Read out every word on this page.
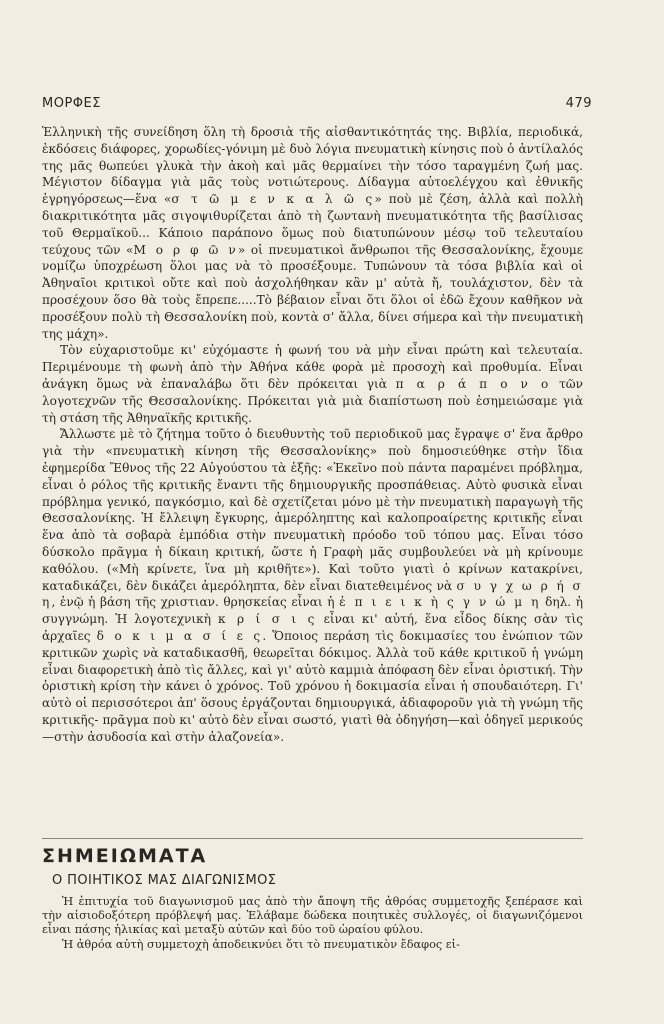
ΜΟΡΦΕΣ	479

Ἑλληνικὴ τῆς συνείδηση ὅλη τὴ δροσιὰ τῆς αἰσθαντικότητάς της. Βιβλία, περιοδικά, ἐκδόσεις διάφορες, χορωδίες-γόνιμη μὲ δυὸ λόγια πνευματικὴ κίνησις ποὺ ὁ ἀντίλαλός της μᾶς θωπεύει γλυκὰ τὴν ἀκοὴ καὶ μᾶς θερμαίνει τὴν τόσο ταραγμένη ζωή μας. Μέγιστον δίδαγμα γιὰ μᾶς τοὺς νοτιώτερους. Δίδαγμα αὐτοελέγχου καὶ ἐθνικῆς ἐγρηγόρσεως—ἕνα «σ τ ῶ μ ε ν κ α λ ῶ ς» ποὺ μὲ ζέση, ἀλλὰ καὶ πολλὴ διακριτικότητα μᾶς σιγοψιθυρίζεται ἀπὸ τὴ ζωντανὴ πνευματικότητα τῆς βασίλισας τοῦ Θερμαϊκοῦ... Κάποιο παράπονο ὅμως ποὺ διατυπώνουν μέσῳ τοῦ τελευταίου τεύχους τῶν «Μ ο ρ φ ῶ ν» οἱ πνευματικοὶ ἄνθρωποι τῆς Θεσσαλονίκης, ἔχουμε νομίζω ὑποχρέωση ὅλοι μας νὰ τὸ προσέξουμε. Τυπώνουν τὰ τόσα βιβλία καὶ οἱ Ἀθηναῖοι κριτικοὶ οὔτε καὶ ποὺ ἀσχολήθηκαν κἂν μ' αὐτὰ ἤ, τουλάχιστον, δὲν τὰ προσέχουν ὅσο θὰ τοὺς ἔπρεπε.....Τὸ βέβαιον εἶναι ὅτι ὅλοι οἱ ἐδῶ ἔχουν καθῆκον νὰ προσέξουν πολὺ τὴ Θεσσαλονίκη ποὺ, κοντὰ σ' ἄλλα, δίνει σήμερα καὶ τὴν πνευματικὴ της μάχη».

Τὸν εὐχαριστοῦμε κι' εὐχόμαστε ἡ φωνή του νὰ μὴν εἶναι πρώτη καὶ τελευταία. Περιμένουμε τὴ φωνὴ ἀπὸ τὴν Ἀθήνα κάθε φορὰ μὲ προσοχὴ καὶ προθυμία. Εἶναι ἀνάγκη ὅμως νὰ ἐπαναλάβω ὅτι δὲν πρόκειται γιὰ π α ρ ά π ο ν ο τῶν λογοτεχνῶν τῆς Θεσσαλονίκης. Πρόκειται γιὰ μιὰ διαπίστωση ποὺ ἐσημειώσαμε γιὰ τὴ στάση τῆς Ἀθηναϊκῆς κριτικῆς.

Ἄλλωστε μὲ τὸ ζήτημα τοῦτο ὁ διευθυντὴς τοῦ περιοδικοῦ μας ἔγραψε σ' ἕνα ἄρθρο γιὰ τὴν «πνευματικὴ κίνηση τῆς Θεσσαλονίκης» ποὺ δημοσιεύθηκε στὴν ἴδια ἐφημερίδα Ἔθνος τῆς 22 Αὐγούστου τὰ ἑξῆς: «Ἐκεῖνο ποὺ πάντα παραμένει πρόβλημα, εἶναι ὁ ρόλος τῆς κριτικῆς ἔναντι τῆς δημιουργικῆς προσπάθειας. Αὐτὸ φυσικὰ εἶναι πρόβλημα γενικό, παγκόσμιο, καὶ δὲ σχετίζεται μόνο μὲ τὴν πνευματικὴ παραγωγὴ τῆς Θεσσαλονίκης. Ἡ ἔλλειψη ἔγκυρης, ἀμερόληπτης καὶ καλοπροαίρετης κριτικῆς εἶναι ἕνα ἀπὸ τὰ σοβαρὰ ἐμπόδια στὴν πνευματικὴ πρόοδο τοῦ τόπου μας. Εἶναι τόσο δύσκολο πρᾶγμα ἡ δίκαιη κριτική, ὥστε ἡ Γραφὴ μᾶς συμβουλεύει νὰ μὴ κρίνουμε καθόλου. («Μὴ κρίνετε, ἵνα μὴ κριθῆτε»). Καὶ τοῦτο γιατὶ ὁ κρίνων κατακρίνει, καταδικάζει, δὲν δικάζει ἀμερόληπτα, δὲν εἶναι διατεθειμένος νὰ σ υ γ χ ω ρ ή σ η, ἐνῷ ἡ βάση τῆς χριστιαν. θρησκείας εἶναι ἡ ἐ π ι ε ι κ ὴ ς γ ν ώ μ η δηλ. ἡ συγγνώμη. Ἡ λογοτεχνικὴ κ ρ ί σ ι ς εἶναι κι' αὐτή, ἕνα εἶδος δίκης σὰν τὶς ἀρχαῖες δ ο κ ι μ α σ ί ε ς. Ὅποιος περάση τὶς δοκιμασίες του ἐνώπιον τῶν κριτικῶν χωρὶς νὰ καταδικασθῆ, θεωρεῖται δόκιμος. Ἀλλὰ τοῦ κάθε κριτικοῦ ἡ γνώμη εἶναι διαφορετικὴ ἀπὸ τὶς ἄλλες, καὶ γι' αὐτὸ καμμιὰ ἀπόφαση δὲν εἶναι ὁριστική. Τὴν ὁριστικὴ κρίση τὴν κάνει ὁ χρόνος. Τοῦ χρόνου ἡ δοκιμασία εἶναι ἡ σπουδαιότερη. Γι' αὐτὸ οἱ περισσότεροι ἀπ' ὅσους ἐργάζονται δημιουργικά, ἀδιαφοροῦν γιὰ τὴ γνώμη τῆς κριτικῆς- πρᾶγμα ποὺ κι' αὐτὸ δὲν εἶναι σωστό, γιατὶ θὰ ὁδηγήση—καὶ ὁδηγεῖ μερικούς—στὴν ἀσυδοσία καὶ στὴν ἀλαζονεία».

ΣΗΜΕΙΩΜΑΤΑ
Ο ΠΟΙΗΤΙΚΟΣ ΜΑΣ ΔΙΑΓΩΝΙΣΜΟΣ

Ἡ ἐπιτυχία τοῦ διαγωνισμοῦ μας ἀπὸ τὴν ἄποψη τῆς ἀθρόας συμμετοχῆς ξεπέρασε καὶ τὴν αἰσιοδοξότερη πρόβλεψή μας. Ἐλάβαμε δώδεκα ποιητικὲς συλλογές, οἱ διαγωνιζόμενοι εἶναι πάσης ἡλικίας καὶ μεταξὺ αὐτῶν καὶ δύο τοῦ ὡραίου φύλου.

Ἡ ἀθρόα αὐτὴ συμμετοχὴ ἀποδεικνύει ὅτι τὸ πνευματικὸν ἔδαφος εἰ-
